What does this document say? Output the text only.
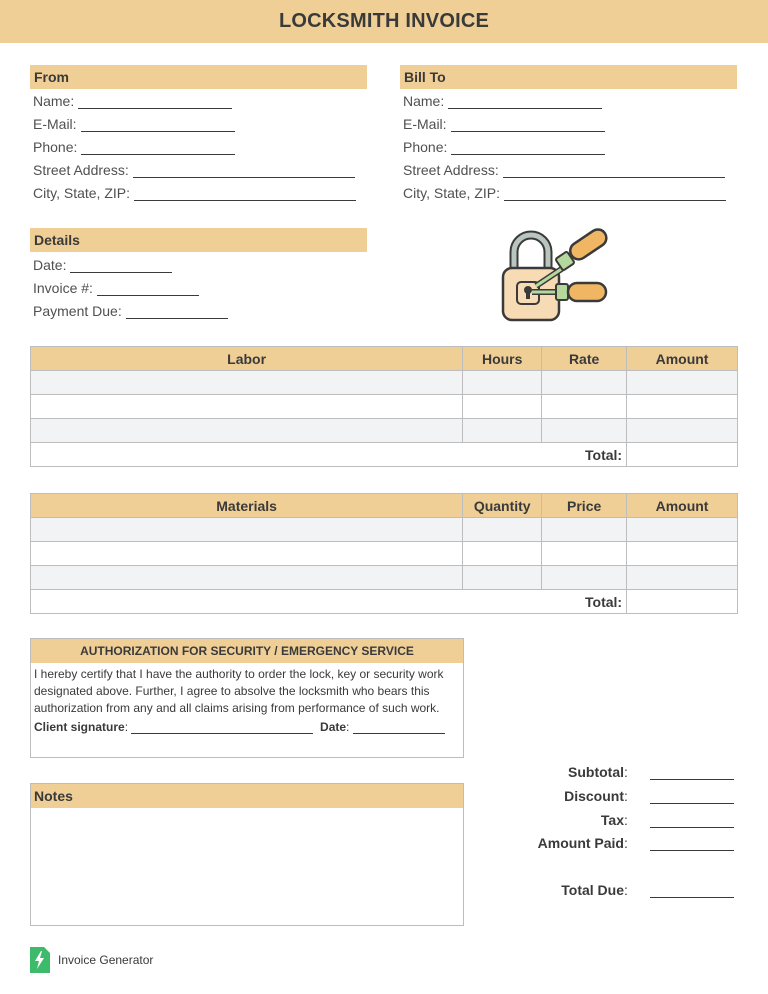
LOCKSMITH INVOICE
From
Name:
E-Mail:
Phone:
Street Address:
City, State, ZIP:
Bill To
Name:
E-Mail:
Phone:
Street Address:
City, State, ZIP:
Details
Date:
Invoice #:
Payment Due:
Labor	Hours	Rate	Amount

Total:			
Materials	Quantity	Price	Amount

Total:			
AUTHORIZATION FOR SECURITY / EMERGENCY SERVICE
I hereby certify that I have the authority to order the lock, key or security work designated above. Further, I agree to absolve the locksmith who bears this authorization from any and all claims arising from performance of such work.
Client signature :
	Date :
Notes
Subtotal :
Discount :
Tax :
Amount Paid :
Total Due :
Invoice Generator
